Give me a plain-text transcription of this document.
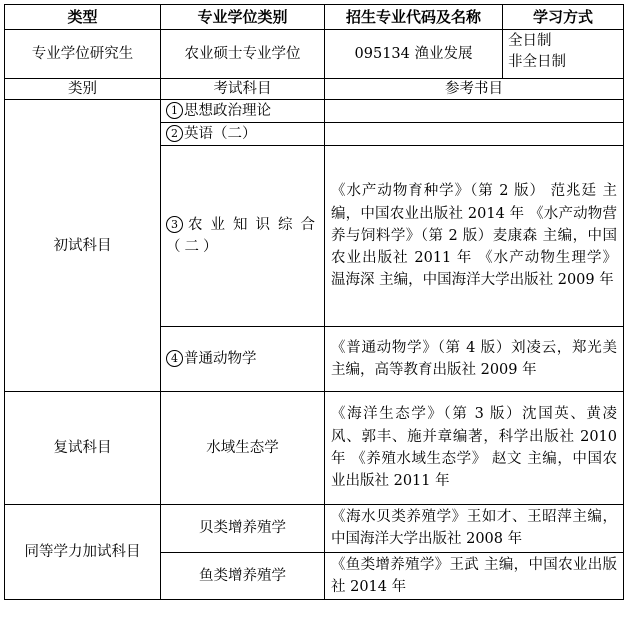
类型	专业学位类别	招生专业代码及名称	学习方式
专业学位研究生	农业硕士专业学位	095134 渔业发展	全日制
非全日制

类别	考试科目	参考书目	
初试科目	1 思想政治理论		
	2 英语（二）		
	3 农业知识综合（二）	《水产动物育种学》（第 2 版） 范兆廷 主编，中国农业出版社 2014 年 《水产动物营养与饲料学》（第 2 版）麦康森 主编，中国农业出版社 2011 年 《水产动物生理学》 温海深 主编，中国海洋大学出版社 2009 年	
	4 普通动物学	《普通动物学》（第 4 版）刘凌云，郑光美 主编，高等教育出版社 2009 年	
复试科目	水域生态学	《海洋生态学》（第 3 版）沈国英、黄凌风、郭丰、施并章编著，科学出版社 2010 年 《养殖水域生态学》 赵文 主编，中国农业出版社 2011 年	
同等学力加试科目	贝类增养殖学	《海水贝类养殖学》王如才、王昭萍主编，中国海洋大学出版社 2008 年	
	鱼类增养殖学	《鱼类增养殖学》王武 主编，中国农业出版社 2014 年	
